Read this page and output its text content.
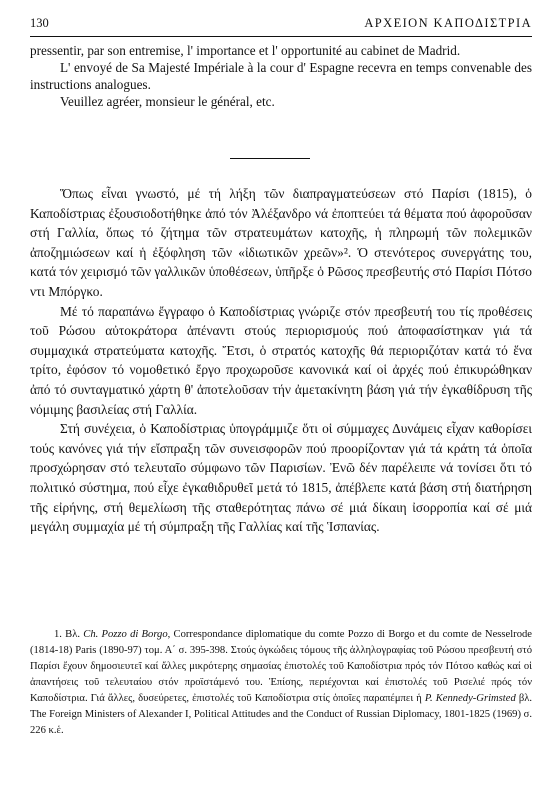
130	ΑΡΧΕΙΟΝ ΚΑΠΟΔΙΣΤΡΙΑ

pressentir, par son entremise, l' importance et l' opportunité au cabinet de Madrid.

L' envoyé de Sa Majesté Impériale à la cour d' Espagne recevra en temps convenable des instructions analogues.

Veuillez agréer, monsieur le général, etc.

Ὅπως εἶναι γνωστό, μέ τή λήξη τῶν διαπραγματεύσεων στό Παρίσι (1815), ὁ Καποδίστριας ἐξουσιοδοτήθηκε ἀπό τόν Ἀλέξανδρο νά ἐποπτεύει τά θέματα πού ἀφοροῦσαν στή Γαλλία, ὅπως τό ζήτημα τῶν στρατευμάτων κατοχῆς, ἡ πληρωμή τῶν πολεμικῶν ἀποζημιώσεων καί ἡ ἐξόφληση τῶν «ἰδιωτικῶν χρεῶν»². Ὁ στενότερος συνεργάτης του, κατά τόν χειρισμό τῶν γαλλικῶν ὑποθέσεων, ὑπῆρξε ὁ Ρῶσος πρεσβευτής στό Παρίσι Πότσο ντι Μπόργκο.

Μέ τό παραπάνω ἔγγραφο ὁ Καποδίστριας γνώριζε στόν πρεσβευτή του τίς προθέσεις τοῦ Ρώσου αὐτοκράτορα ἀπέναντι στούς περιορισμούς πού ἀποφασίστηκαν γιά τά συμμαχικά στρατεύματα κατοχῆς. Ἔτσι, ὁ στρατός κατοχῆς θά περιοριζόταν κατά τό ἕνα τρίτο, ἐφόσον τό νομοθετικό ἔργο προχωροῦσε κανονικά καί οἱ ἀρχές πού ἐπικυρώθηκαν ἀπό τό συνταγματικό χάρτη θ' ἀποτελοῦσαν τήν ἀμετακίνητη βάση γιά τήν ἐγκαθίδρυση τῆς νόμιμης βασιλείας στή Γαλλία.

Στή συνέχεια, ὁ Καποδίστριας ὑπογράμμιζε ὅτι οἱ σύμμαχες Δυνάμεις εἶχαν καθορίσει τούς κανόνες γιά τήν εἴσπραξη τῶν συνεισφορῶν πού προορίζονταν γιά τά κράτη τά ὁποῖα προσχώρησαν στό τελευταῖο σύμφωνο τῶν Παρισίων. Ἐνῶ δέν παρέλειπε νά τονίσει ὅτι τό πολιτικό σύστημα, πού εἶχε ἐγκαθιδρυθεῖ μετά τό 1815, ἀπέβλεπε κατά βάση στή διατήρηση τῆς εἰρήνης, στή θεμελίωση τῆς σταθερότητας πάνω σέ μιά δίκαιη ἰσορροπία καί σέ μιά μεγάλη συμμαχία μέ τή σύμπραξη τῆς Γαλλίας καί τῆς Ἱσπανίας.

1. Βλ. Ch. Pozzo di Borgo, Correspondance diplomatique du comte Pozzo di Borgo et du comte de Nesselrode (1814-18) Paris (1890-97) τομ. Α΄ σ. 395-398. Στούς ὀγκώδεις τόμους τῆς ἀλληλογραφίας τοῦ Ρώσου πρεσβευτή στό Παρίσι ἔχουν δημοσιευτεῖ καί ἄλλες μικρότερης σημασίας ἐπιστολές τοῦ Καποδίστρια πρός τόν Πότσο καθώς καί οἱ ἀπαντήσεις τοῦ τελευταίου στόν προϊστάμενό του. Ἐπίσης, περιέχονται καί ἐπιστολές τοῦ Ρισελιέ πρός τόν Καποδίστρια. Γιά ἄλλες, δυσεύρετες, ἐπιστολές τοῦ Καποδίστρια στίς ὁποῖες παραπέμπει ἡ P. Kennedy-Grimsted βλ. The Foreign Ministers of Alexander I, Political Attitudes and the Conduct of Russian Diplomacy, 1801-1825 (1969) σ. 226 κ.ἑ.
